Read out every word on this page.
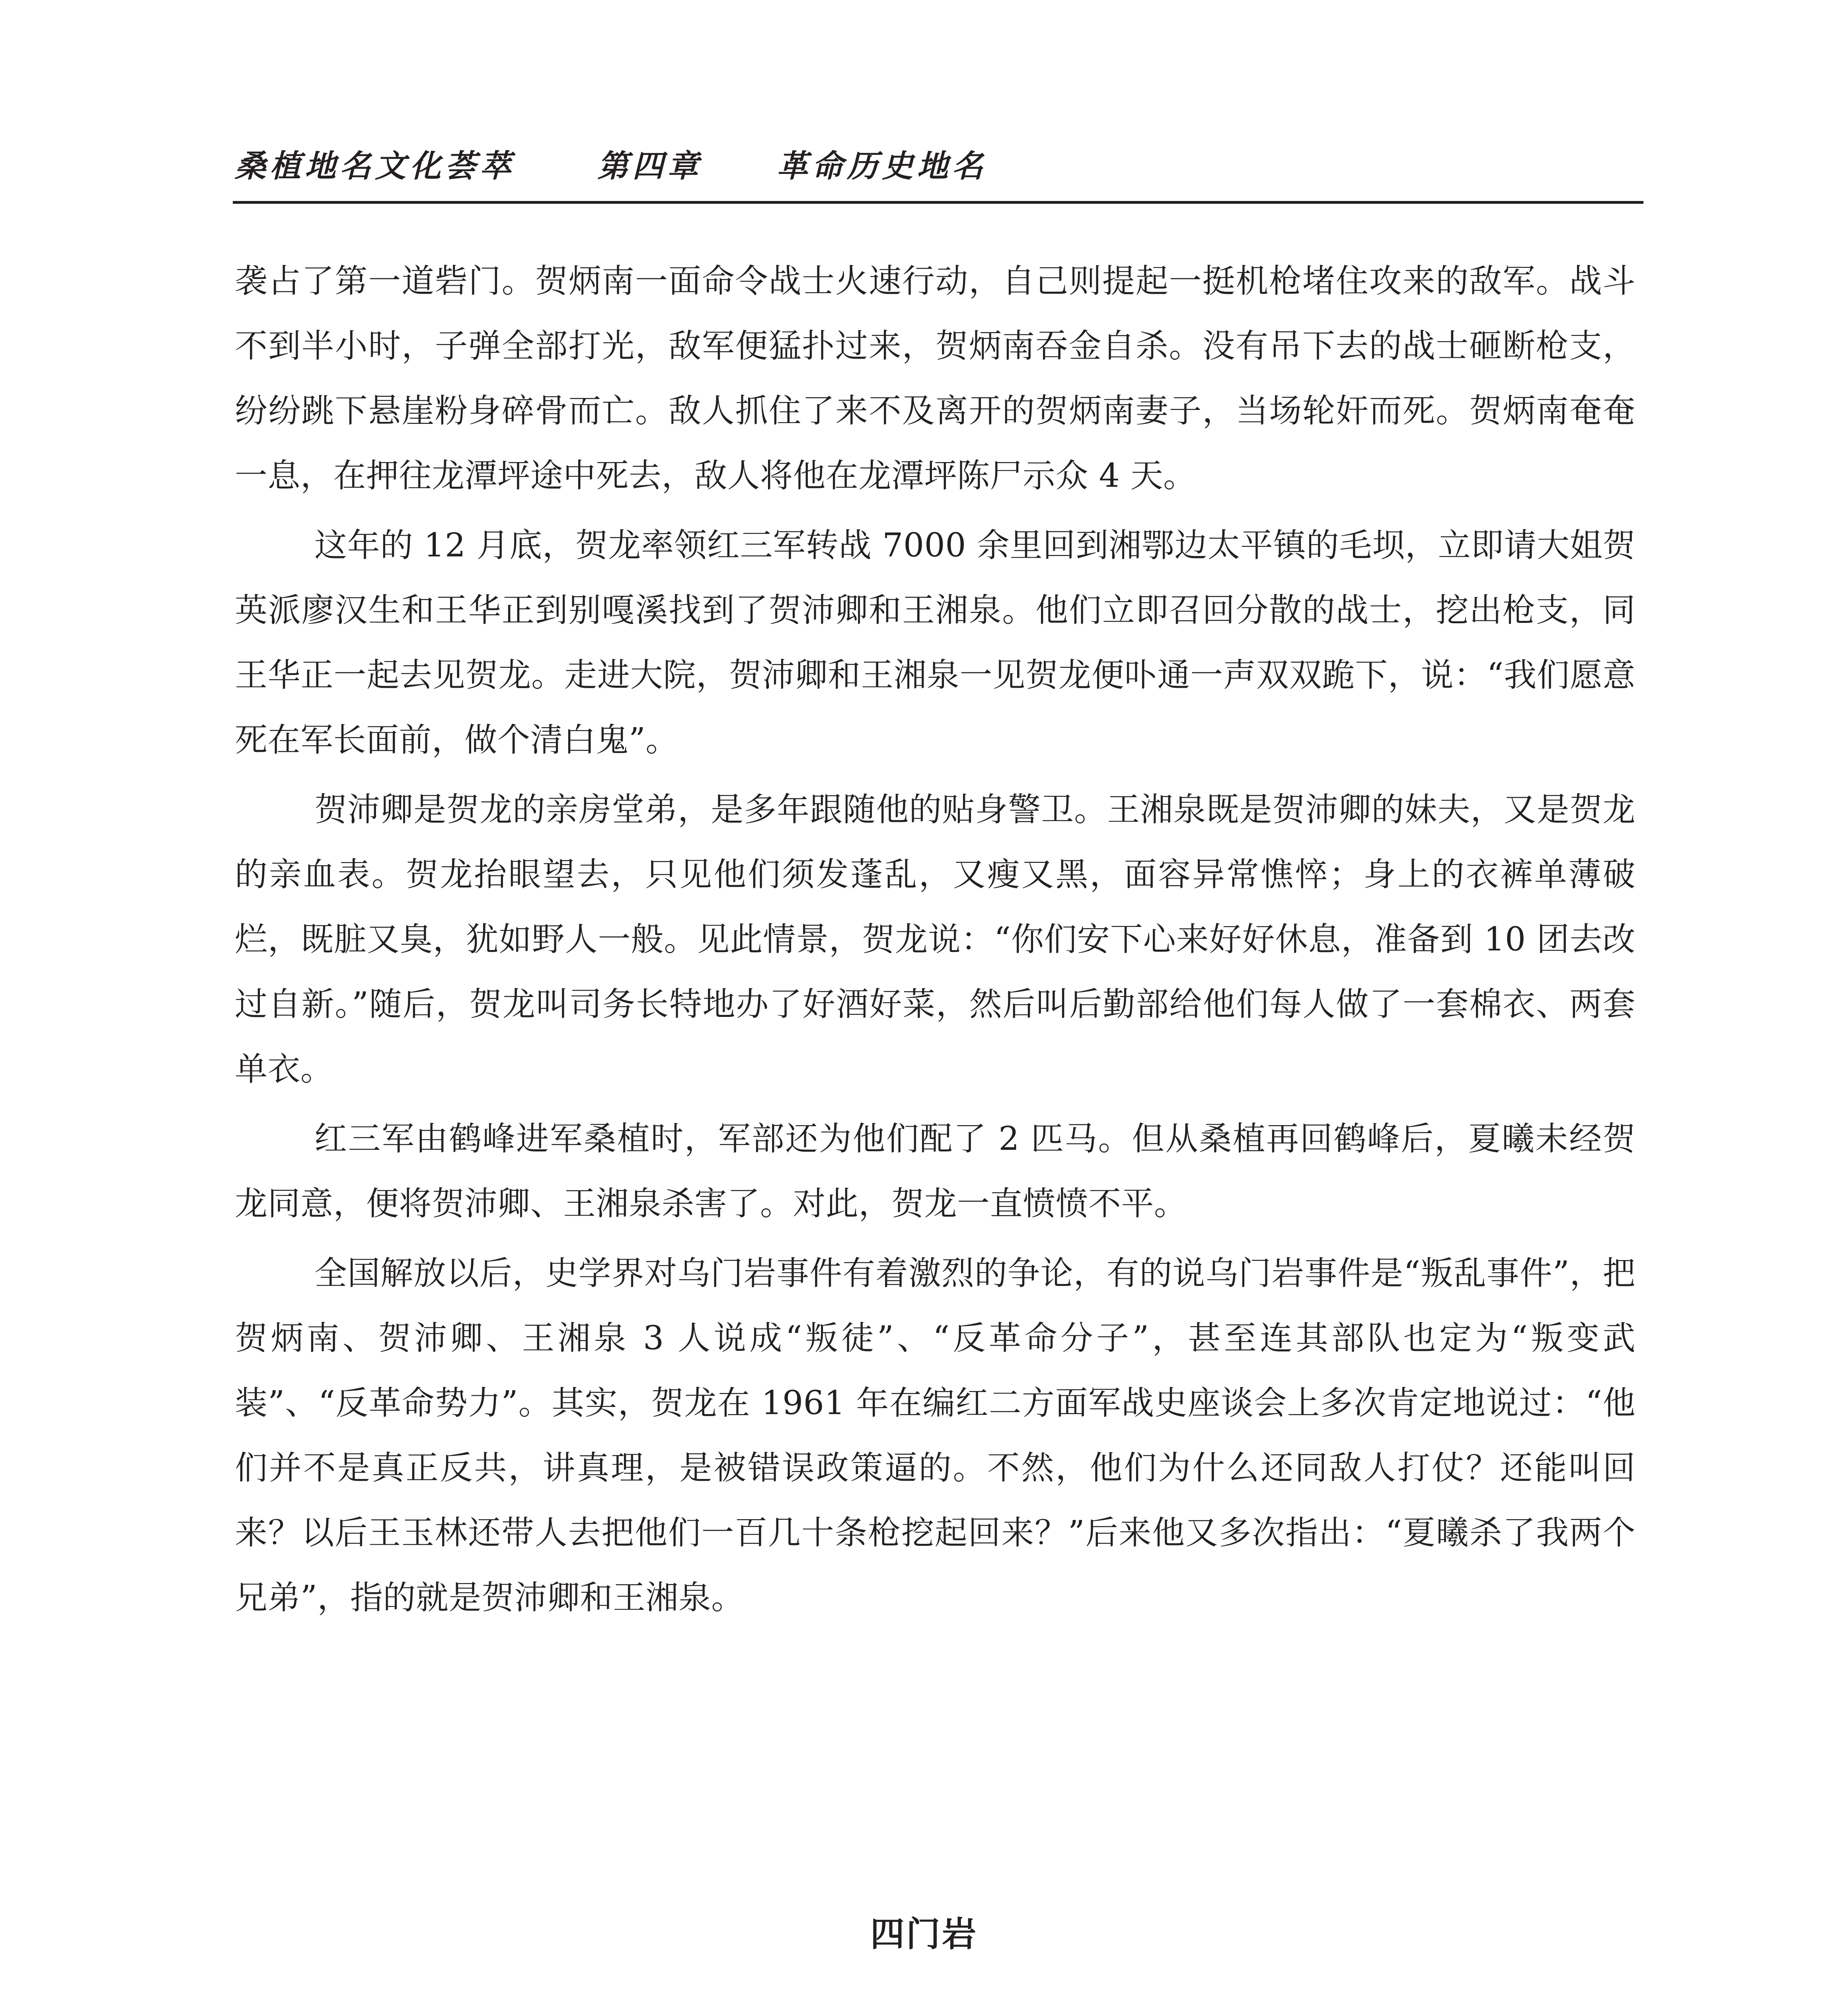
桑植地名文化荟萃	第四章 革命历史地名

袭占了第一道砦门。贺炳南一面命令战士火速行动，自己则提起一挺机枪堵住攻来的敌军。战斗不到半小时，子弹全部打光，敌军便猛扑过来，贺炳南吞金自杀。没有吊下去的战士砸断枪支，纷纷跳下悬崖粉身碎骨而亡。敌人抓住了来不及离开的贺炳南妻子，当场轮奸而死。贺炳南奄奄一息，在押往龙潭坪途中死去，敌人将他在龙潭坪陈尸示众 4 天。

这年的 12 月底，贺龙率领红三军转战 7000 余里回到湘鄂边太平镇的毛坝，立即请大姐贺英派廖汉生和王华正到别嘎溪找到了贺沛卿和王湘泉。他们立即召回分散的战士，挖出枪支，同王华正一起去见贺龙。走进大院，贺沛卿和王湘泉一见贺龙便卟通一声双双跪下，说：“我们愿意死在军长面前，做个清白鬼”。

贺沛卿是贺龙的亲房堂弟，是多年跟随他的贴身警卫。王湘泉既是贺沛卿的妹夫，又是贺龙的亲血表。贺龙抬眼望去，只见他们须发蓬乱，又瘦又黑，面容异常憔悴；身上的衣裤单薄破烂，既脏又臭，犹如野人一般。见此情景，贺龙说：“你们安下心来好好休息，准备到 10 团去改过自新。”随后，贺龙叫司务长特地办了好酒好菜，然后叫后勤部给他们每人做了一套棉衣、两套单衣。

红三军由鹤峰进军桑植时，军部还为他们配了 2 匹马。但从桑植再回鹤峰后，夏曦未经贺龙同意，便将贺沛卿、王湘泉杀害了。对此，贺龙一直愤愤不平。

全国解放以后，史学界对乌门岩事件有着激烈的争论，有的说乌门岩事件是“叛乱事件”，把贺炳南、贺沛卿、王湘泉 3 人说成“叛徒”、“反革命分子”，甚至连其部队也定为“叛变武装”、“反革命势力”。其实，贺龙在 1961 年在编红二方面军战史座谈会上多次肯定地说过：“他们并不是真正反共，讲真理，是被错误政策逼的。不然，他们为什么还同敌人打仗？还能叫回来？以后王玉林还带人去把他们一百几十条枪挖起回来？”后来他又多次指出：“夏曦杀了我两个兄弟”，指的就是贺沛卿和王湘泉。

四门岩
